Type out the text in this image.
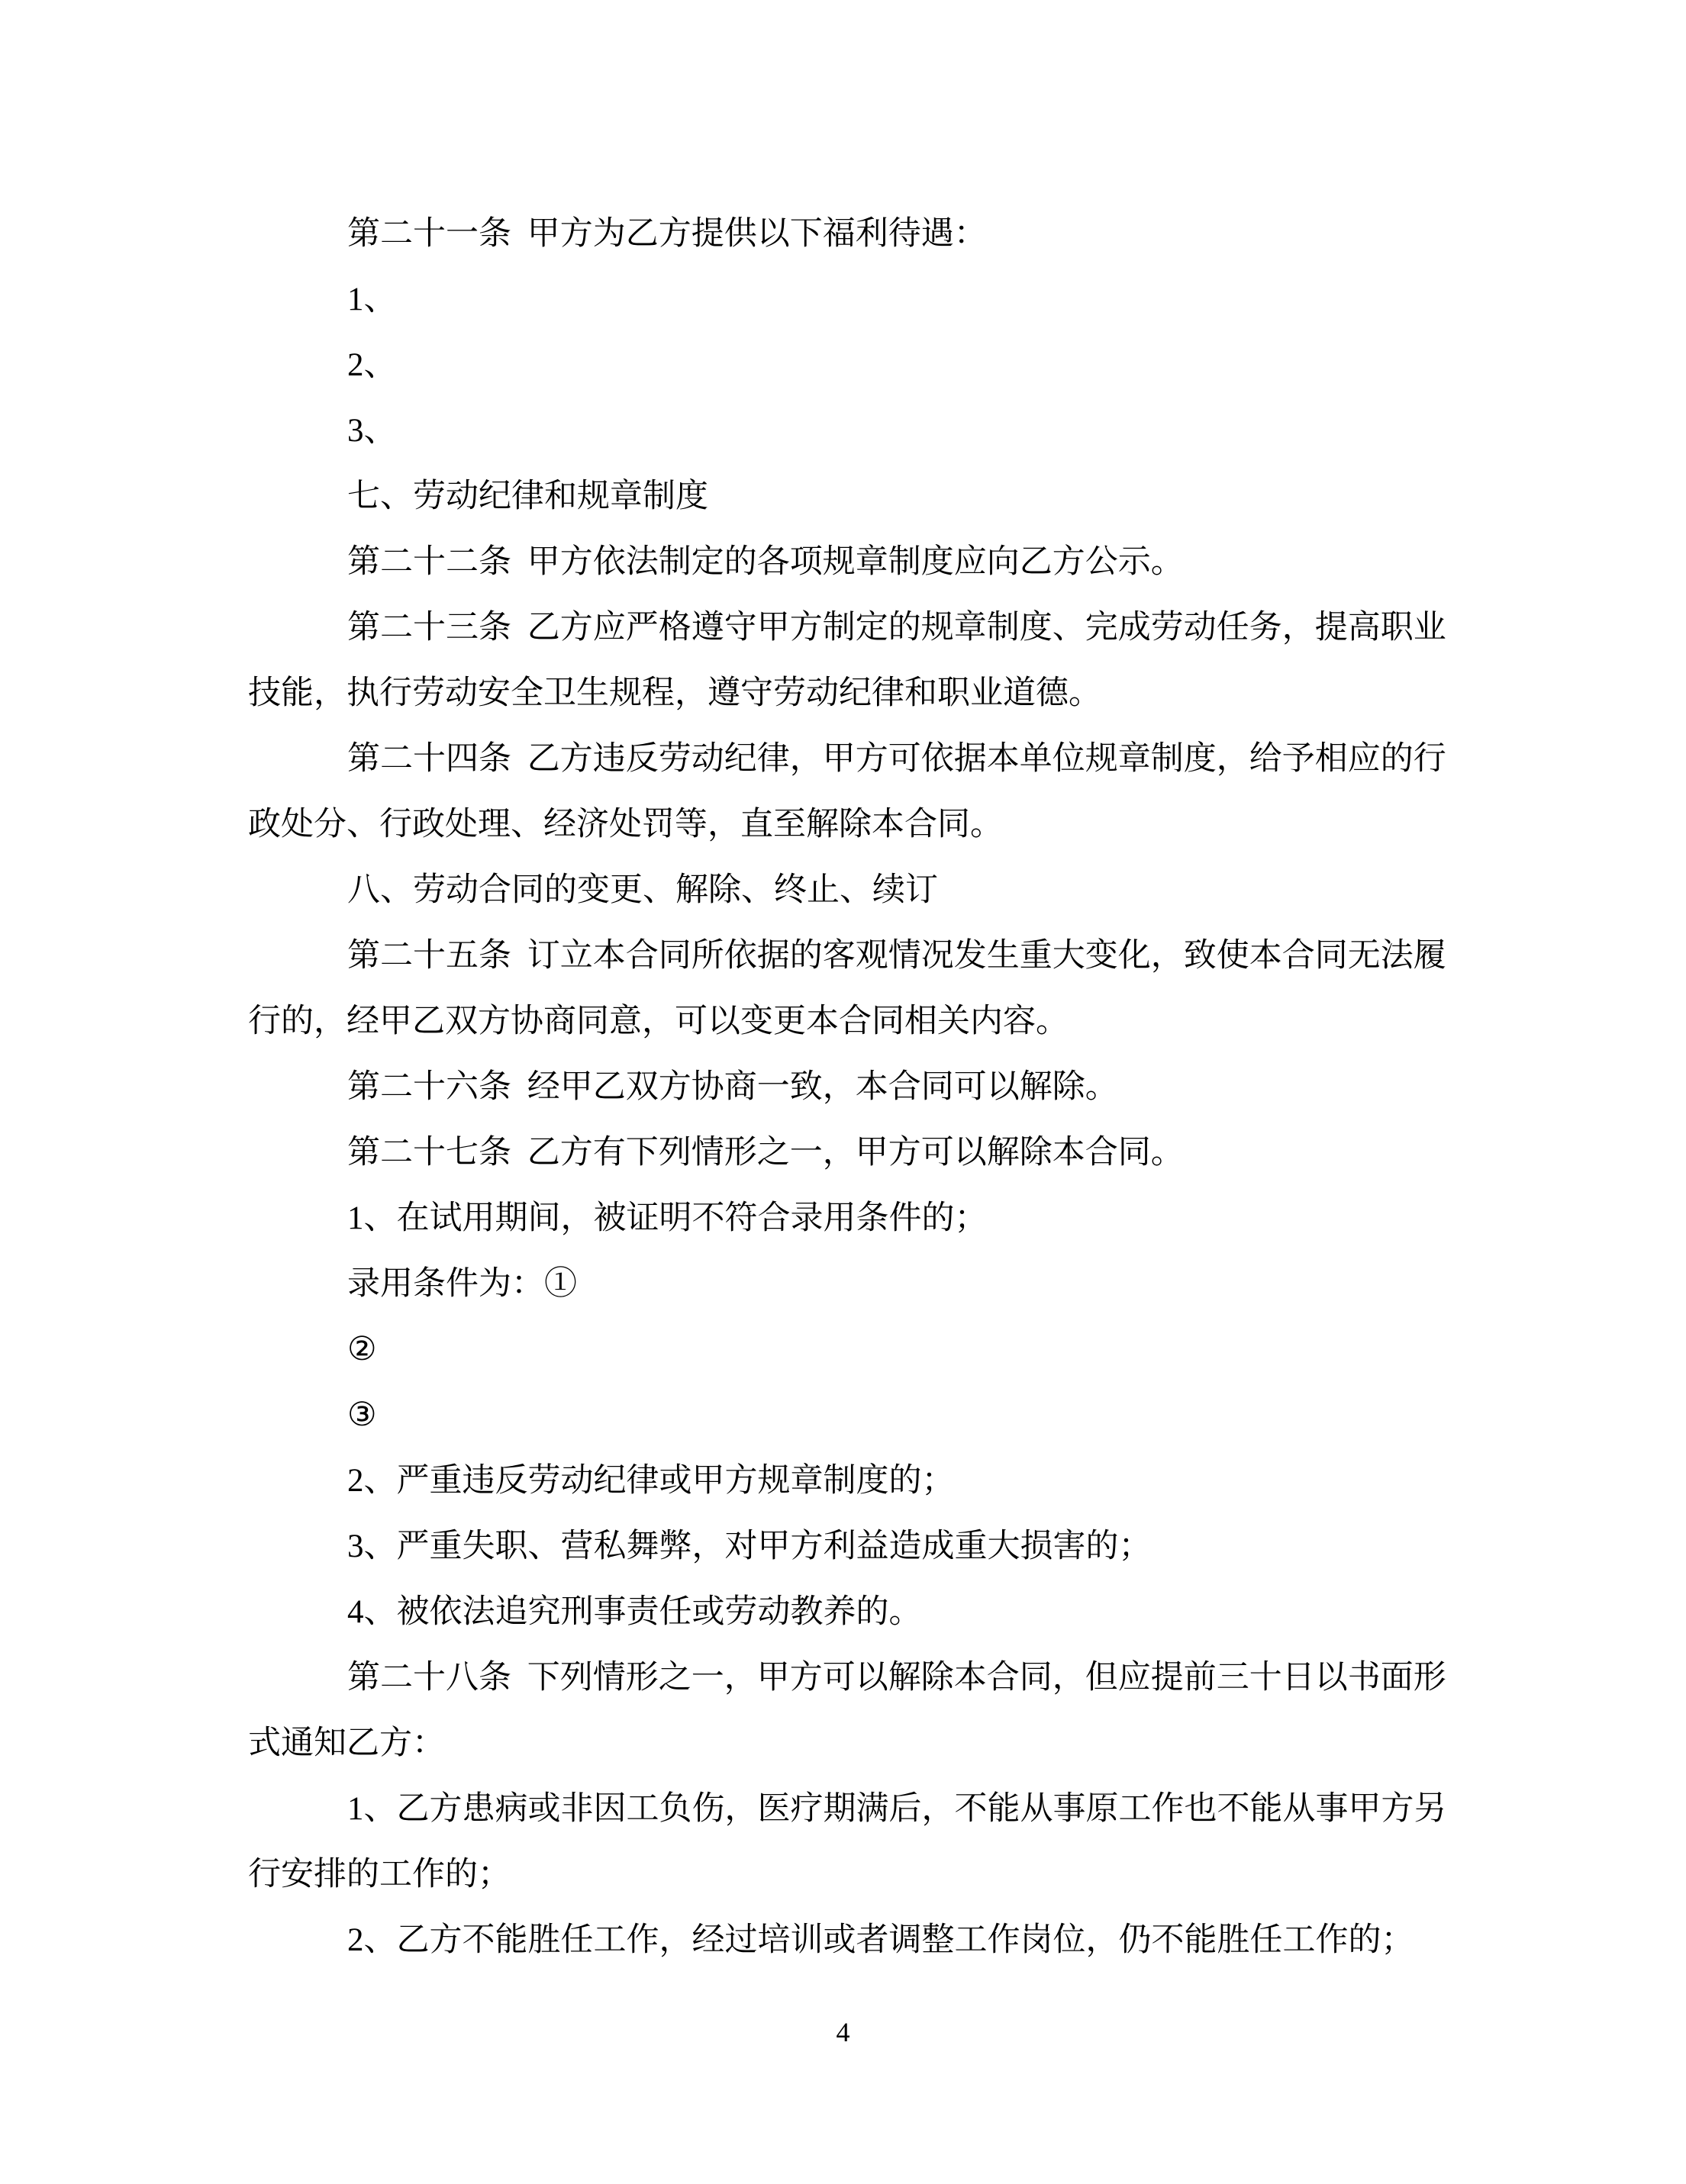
第二十一条 甲方为乙方提供以下福利待遇：
1、
2、
3、
七、劳动纪律和规章制度
第二十二条 甲方依法制定的各项规章制度应向乙方公示。
第二十三条 乙方应严格遵守甲方制定的规章制度、完成劳动任务，提高职业
技能，执行劳动安全卫生规程，遵守劳动纪律和职业道德。
第二十四条 乙方违反劳动纪律，甲方可依据本单位规章制度，给予相应的行
政处分、行政处理、经济处罚等，直至解除本合同。
八、劳动合同的变更、解除、终止、续订
第二十五条 订立本合同所依据的客观情况发生重大变化，致使本合同无法履
行的，经甲乙双方协商同意，可以变更本合同相关内容。
第二十六条 经甲乙双方协商一致，本合同可以解除。
第二十七条 乙方有下列情形之一，甲方可以解除本合同。
1、在试用期间，被证明不符合录用条件的；
录用条件为：①
②
③
2、严重违反劳动纪律或甲方规章制度的；
3、严重失职、营私舞弊，对甲方利益造成重大损害的；
4、被依法追究刑事责任或劳动教养的。
第二十八条 下列情形之一，甲方可以解除本合同，但应提前三十日以书面形
式通知乙方：
1、乙方患病或非因工负伤，医疗期满后，不能从事原工作也不能从事甲方另
行安排的工作的；
2、乙方不能胜任工作，经过培训或者调整工作岗位，仍不能胜任工作的；
4
